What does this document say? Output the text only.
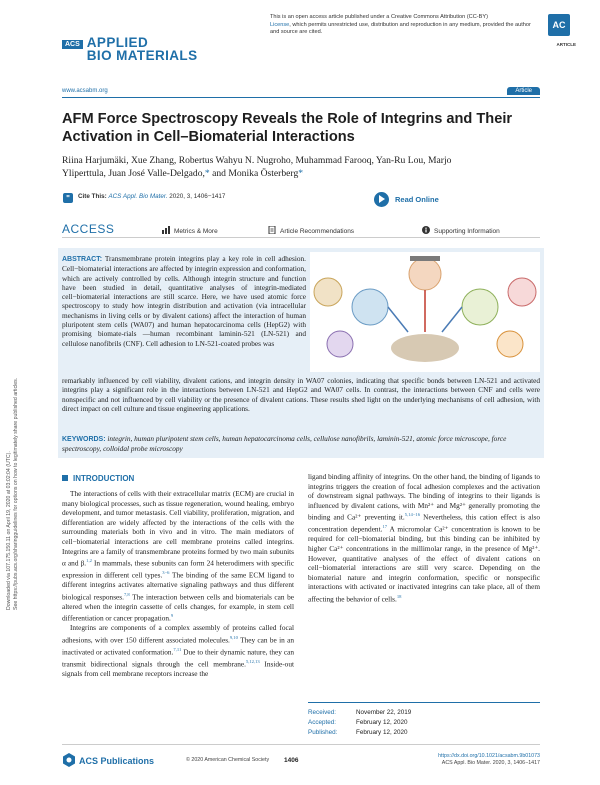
Downloaded via 107.175.150.11 on April 19, 2020 at 03:02:04 (UTC). See https://pubs.acs.org/sharingguidelines for options on how to legitimately share published articles.
ACS APPLIED
BIO MATERIALS
This is an open access article published under a Creative Commons Attribution (CC-BY)
License, which permits unrestricted use, distribution and reproduction in any medium, provided the author and source are cited.
AC
ARTICLE
www.acsabm.org	Article
AFM Force Spectroscopy Reveals the Role of Integrins and Their Activation in Cell–Biomaterial Interactions
Riina Harjumäki, Xue Zhang, Robertus Wahyu N. Nugroho, Muhammad Farooq, Yan-Ru Lou, Marjo Yliperttula, Juan José Valle-Delgado,* and Monika Österberg*
" Cite This: ACS Appl. Bio Mater. 2020, 3, 1406−1417	Read Online
ACCESS	Metrics & More	Article Recommendations	Supporting Information
ABSTRACT: Transmembrane protein integrins play a key role in cell adhesion. Cell−biomaterial interactions are affected by integrin expression and conformation, which are actively controlled by cells. Although integrin structure and function have been studied in detail, quantitative analyses of integrin-mediated cell−biomaterial interactions are still scarce. Here, we have used atomic force spectroscopy to study how integrin distribution and activation (via intracellular mechanisms in living cells or by divalent cations) affect the interaction of human pluripotent stem cells (WA07) and human hepatocarcinoma cells (HepG2) with promising biomate-rials —human recombinant laminin-521 (LN-521) and cellulose nanofibrils (CNF). Cell adhesion to LN-521-coated probes was
remarkably influenced by cell viability, divalent cations, and integrin density in WA07 colonies, indicating that specific bonds between LN-521 and activated integrins play a significant role in the interactions between LN-521 and HepG2 and WA07 cells. In contrast, the interactions between CNF and cells were nonspecific and not influenced by cell viability or the presence of divalent cations. These results shed light on the underlying mechanisms of cell adhesion, with direct impact on cell culture and tissue engineering applications.
KEYWORDS: integrin, human pluripotent stem cells, human hepatocarcinoma cells, cellulose nanofibrils, laminin-521, atomic force microscope, force spectroscopy, colloidal probe microscopy
INTRODUCTION

The interactions of cells with their extracellular matrix (ECM) are crucial in many biological processes, such as tissue regeneration, wound healing, embryo development, and tumor metastasis. Cell viability, proliferation, migration, and differentiation are widely affected by the interactions of the cells with the surrounding materials both in vivo and in vitro. The main mediators of cell−biomaterial interactions are cell membrane proteins called integrins. Integrins are a family of transmembrane proteins formed by two main subunits α and β.$^{1,2}$ In mammals, these subunits can form 24 heterodimers with specific expression in different cell types.$^{3-6}$ The binding of the same ECM ligand to different integrins activates alternative signaling pathways and thus different biological responses.$^{7,8}$ The interaction between cells and biomaterials can be altered when the integrin cassette of cells changes, for example, in stem cell differentiation or cancer propagation.$^9$

Integrins are components of a complex assembly of proteins called focal adhesions, with over 150 different associated molecules.$^{9,10}$ They can be in an inactivated or activated conformation.$^{7,11}$ Due to their dynamic nature, they can transmit bidirectional signals through the cell membrane.$^{5,12,13}$ Inside-out signals from cell membrane receptors increase the

ligand binding affinity of integrins. On the other hand, the binding of ligands to integrins triggers the creation of focal adhesion complexes and the activation of downstream signal pathways. The binding of integrins to their ligands is influenced by divalent cations, with Mn²⁺ and Mg²⁺ generally promoting the binding and Ca²⁺ preventing it.$^{5,14-16}$ Nevertheless, this cation effect is also concentration dependent.$^{17}$ A micromolar Ca²⁺ concentration is known to be required for cell−biomaterial binding, but this binding can be inhibited by higher Ca²⁺ concentrations in the millimolar range, in the presence of Mg²⁺. However, quantitative analyses of the effect of divalent cations on cell−biomaterial interactions are still very scarce. Depending on the biomaterial nature and integrin conformation, specific or nonspecific interactions with activated or inactivated integrins can take place, all of them affecting the behavior of cells.$^{18}$

Received:	November 22, 2019
Accepted:	February 12, 2020
Published:	February 12, 2020
ACS Publications	© 2020 American Chemical Society 1406
https://dx.doi.org/10.1021/acsabm.9b01073
ACS Appl. Bio Mater. 2020, 3, 1406−1417
